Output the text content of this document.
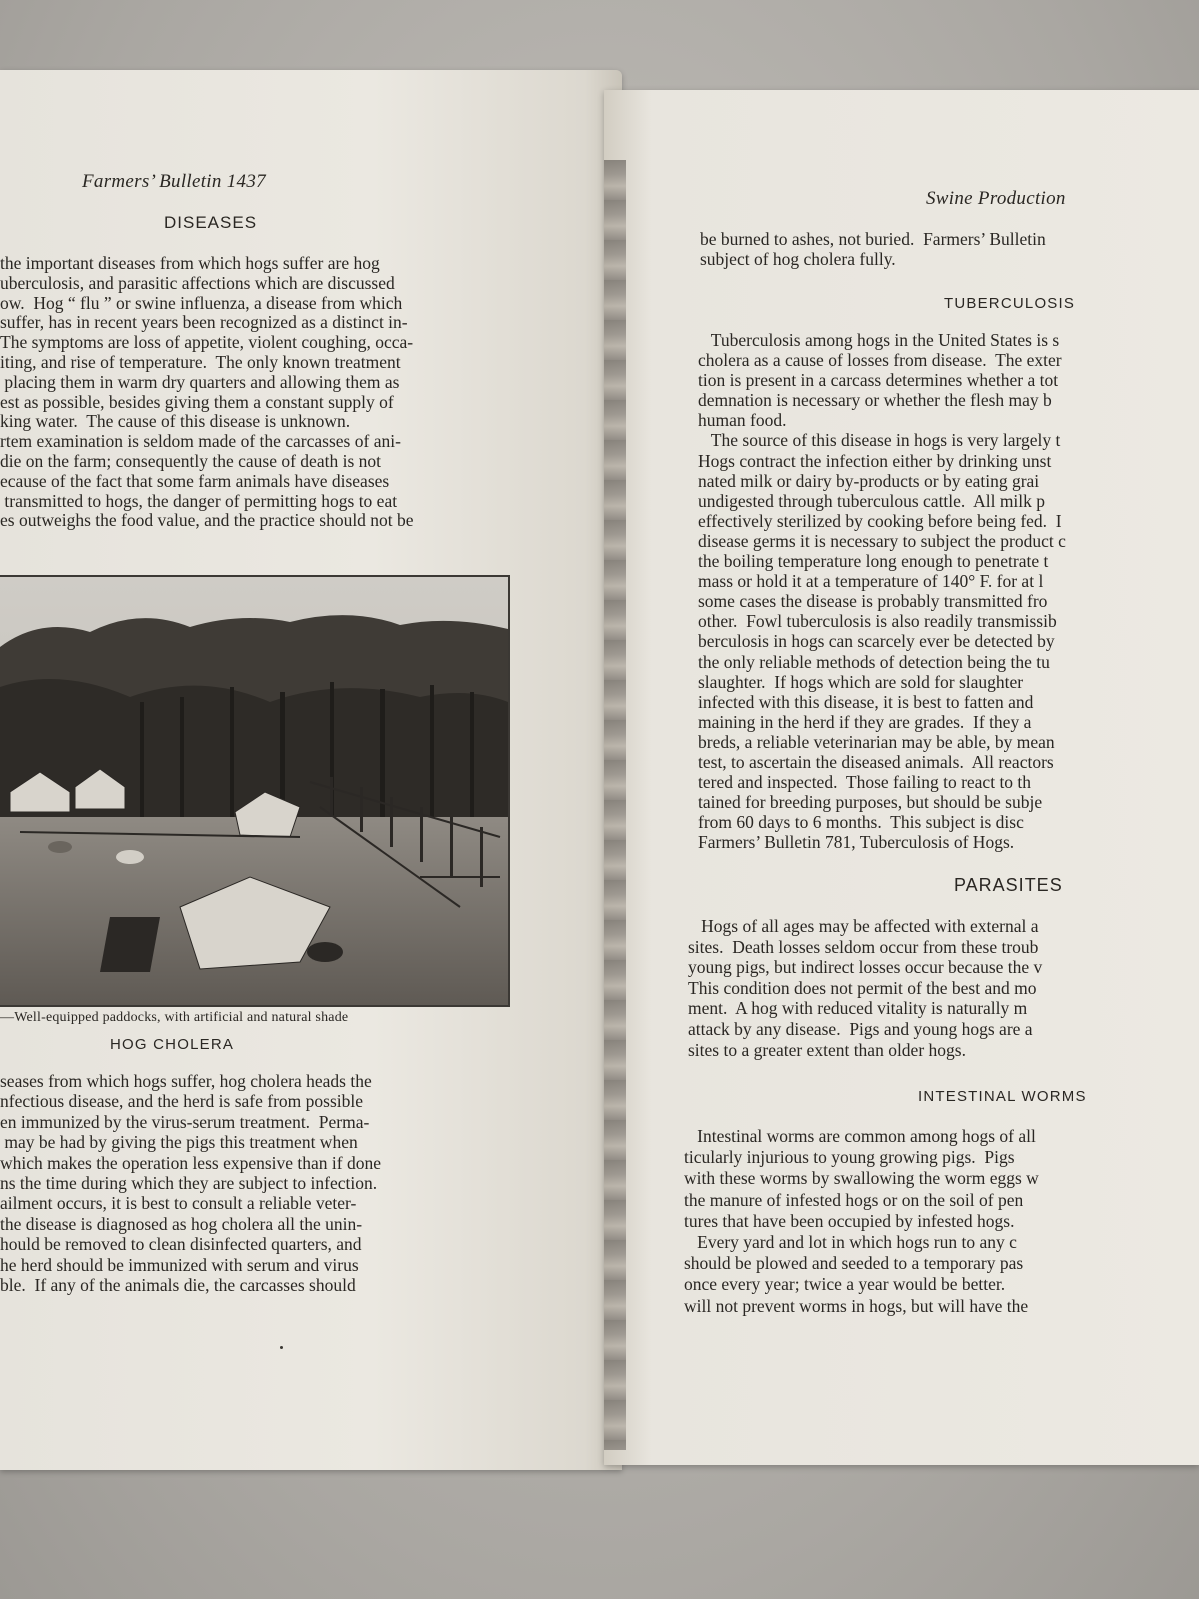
Farmers’ Bulletin 1437
DISEASES
the important diseases from which hogs suffer are hog
uberculosis, and parasitic affections which are discussed
ow.  Hog “ flu ” or swine influenza, a disease from which
suffer, has in recent years been recognized as a distinct in-
The symptoms are loss of appetite, violent coughing, occa-
iting, and rise of temperature.  The only known treatment
placing them in warm dry quarters and allowing them as
est as possible, besides giving them a constant supply of
king water.  The cause of this disease is unknown.
rtem examination is seldom made of the carcasses of ani-
die on the farm; consequently the cause of death is not
ecause of the fact that some farm animals have diseases
transmitted to hogs, the danger of permitting hogs to eat
es outweighs the food value, and the practice should not be
—Well-equipped paddocks, with artificial and natural shade
HOG CHOLERA
seases from which hogs suffer, hog cholera heads the
nfectious disease, and the herd is safe from possible
en immunized by the virus-serum treatment.  Perma-
may be had by giving the pigs this treatment when
which makes the operation less expensive than if done
ns the time during which they are subject to infection.
ailment occurs, it is best to consult a reliable veter-
the disease is diagnosed as hog cholera all the unin-
hould be removed to clean disinfected quarters, and
he herd should be immunized with serum and virus
ble.  If any of the animals die, the carcasses should
Swine Production
be burned to ashes, not buried.  Farmers’ Bulletin
subject of hog cholera fully.
TUBERCULOSIS
Tuberculosis among hogs in the United States is s
cholera as a cause of losses from disease.  The exter
tion is present in a carcass determines whether a tot
demnation is necessary or whether the flesh may b
human food.
The source of this disease in hogs is very largely t
Hogs contract the infection either by drinking unst
nated milk or dairy by-products or by eating grai
undigested through tuberculous cattle.  All milk p
effectively sterilized by cooking before being fed.  I
disease germs it is necessary to subject the product c
the boiling temperature long enough to penetrate t
mass or hold it at a temperature of 140° F. for at l
some cases the disease is probably transmitted fro
other.  Fowl tuberculosis is also readily transmissib
berculosis in hogs can scarcely ever be detected by
the only reliable methods of detection being the tu
slaughter.  If hogs which are sold for slaughter
infected with this disease, it is best to fatten and
maining in the herd if they are grades.  If they a
breds, a reliable veterinarian may be able, by mean
test, to ascertain the diseased animals.  All reactors
tered and inspected.  Those failing to react to th
tained for breeding purposes, but should be subje
from 60 days to 6 months.  This subject is disc
Farmers’ Bulletin 781, Tuberculosis of Hogs.
PARASITES
Hogs of all ages may be affected with external a
sites.  Death losses seldom occur from these troub
young pigs, but indirect losses occur because the v
This condition does not permit of the best and mo
ment.  A hog with reduced vitality is naturally m
attack by any disease.  Pigs and young hogs are a
sites to a greater extent than older hogs.
INTESTINAL WORMS
Intestinal worms are common among hogs of all
ticularly injurious to young growing pigs.  Pigs
with these worms by swallowing the worm eggs w
the manure of infested hogs or on the soil of pen
tures that have been occupied by infested hogs.
Every yard and lot in which hogs run to any c
should be plowed and seeded to a temporary pas
once every year; twice a year would be better.
will not prevent worms in hogs, but will have the
